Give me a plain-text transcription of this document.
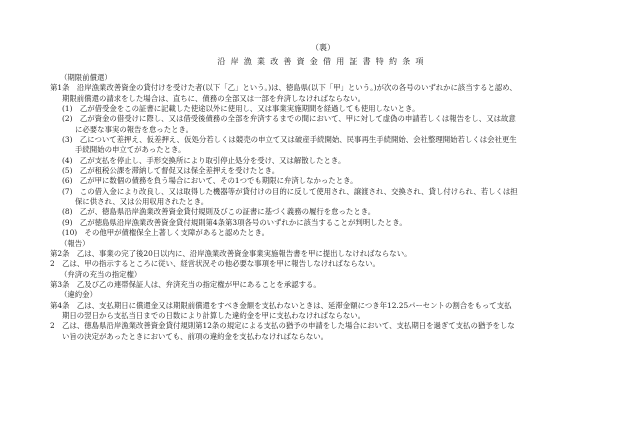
（裏）
沿岸漁業改善資金借用証書特約条項
（期限前償還）
第1条　沿岸漁業改善資金の貸付けを受けた者(以下「乙」という。)は、徳島県(以下「甲」という。)が次の各号のいずれかに該当すると認め、
期限前償還の請求をした場合は、直ちに、債務の全部又は一部を弁済しなければならない。
(1)　乙が借受金をこの証書に記載した使途以外に使用し、又は事業実施期間を経過しても使用しないとき。
(2)　乙が資金の借受けに際し、又は借受後債務の全部を弁済するまでの間において、甲に対して虚偽の申請若しくは報告をし、又は故意
に必要な事実の報告を怠ったとき。
(3)　乙について差押え、仮差押え、仮処分若しくは競売の申立て又は破産手続開始、民事再生手続開始、会社整理開始若しくは会社更生
手続開始の申立てがあったとき。
(4)　乙が支払を停止し、手形交換所により取引停止処分を受け、又は解散したとき。
(5)　乙が租税公課を滞納して督促又は保全差押えを受けたとき。
(6)　乙が甲に数個の債務を負う場合において、その1つでも期限に弁済しなかったとき。
(7)　この借入金により改良し、又は取得した機器等が貸付けの目的に反して使用され、譲渡され、交換され、貸し付けられ、若しくは担
保に供され、又は公用収用されたとき。
(8)　乙が、徳島県沿岸漁業改善資金貸付規則及びこの証書に基づく義務の履行を怠ったとき。
(9)　乙が徳島県沿岸漁業改善資金貸付規則第4条第3項各号のいずれかに該当することが判明したとき。
(10)　その他甲が債権保全上著しく支障があると認めたとき。
（報告）
第2条　乙は、事業の完了後20日以内に、沿岸漁業改善資金事業実施報告書を甲に提出しなければならない。
2　乙は、甲の指示するところに従い、経営状況その他必要な事項を甲に報告しなければならない。
（弁済の充当の指定権）
第3条　乙及び乙の連帯保証人は、弁済充当の指定権が甲にあることを承認する。
（違約金）
第4条　乙は、支払期日に償還金又は期限前償還をすべき金額を支払わないときは、延滞金額につき年12.25パーセントの割合をもって支払
期日の翌日から支払当日までの日数により計算した違約金を甲に支払わなければならない。
2　乙は、徳島県沿岸漁業改善資金貸付規則第12条の規定による支払の猶予の申請をした場合において、支払期日を過ぎて支払の猶予をしな
い旨の決定があったときにおいても、前項の違約金を支払わなければならない。
